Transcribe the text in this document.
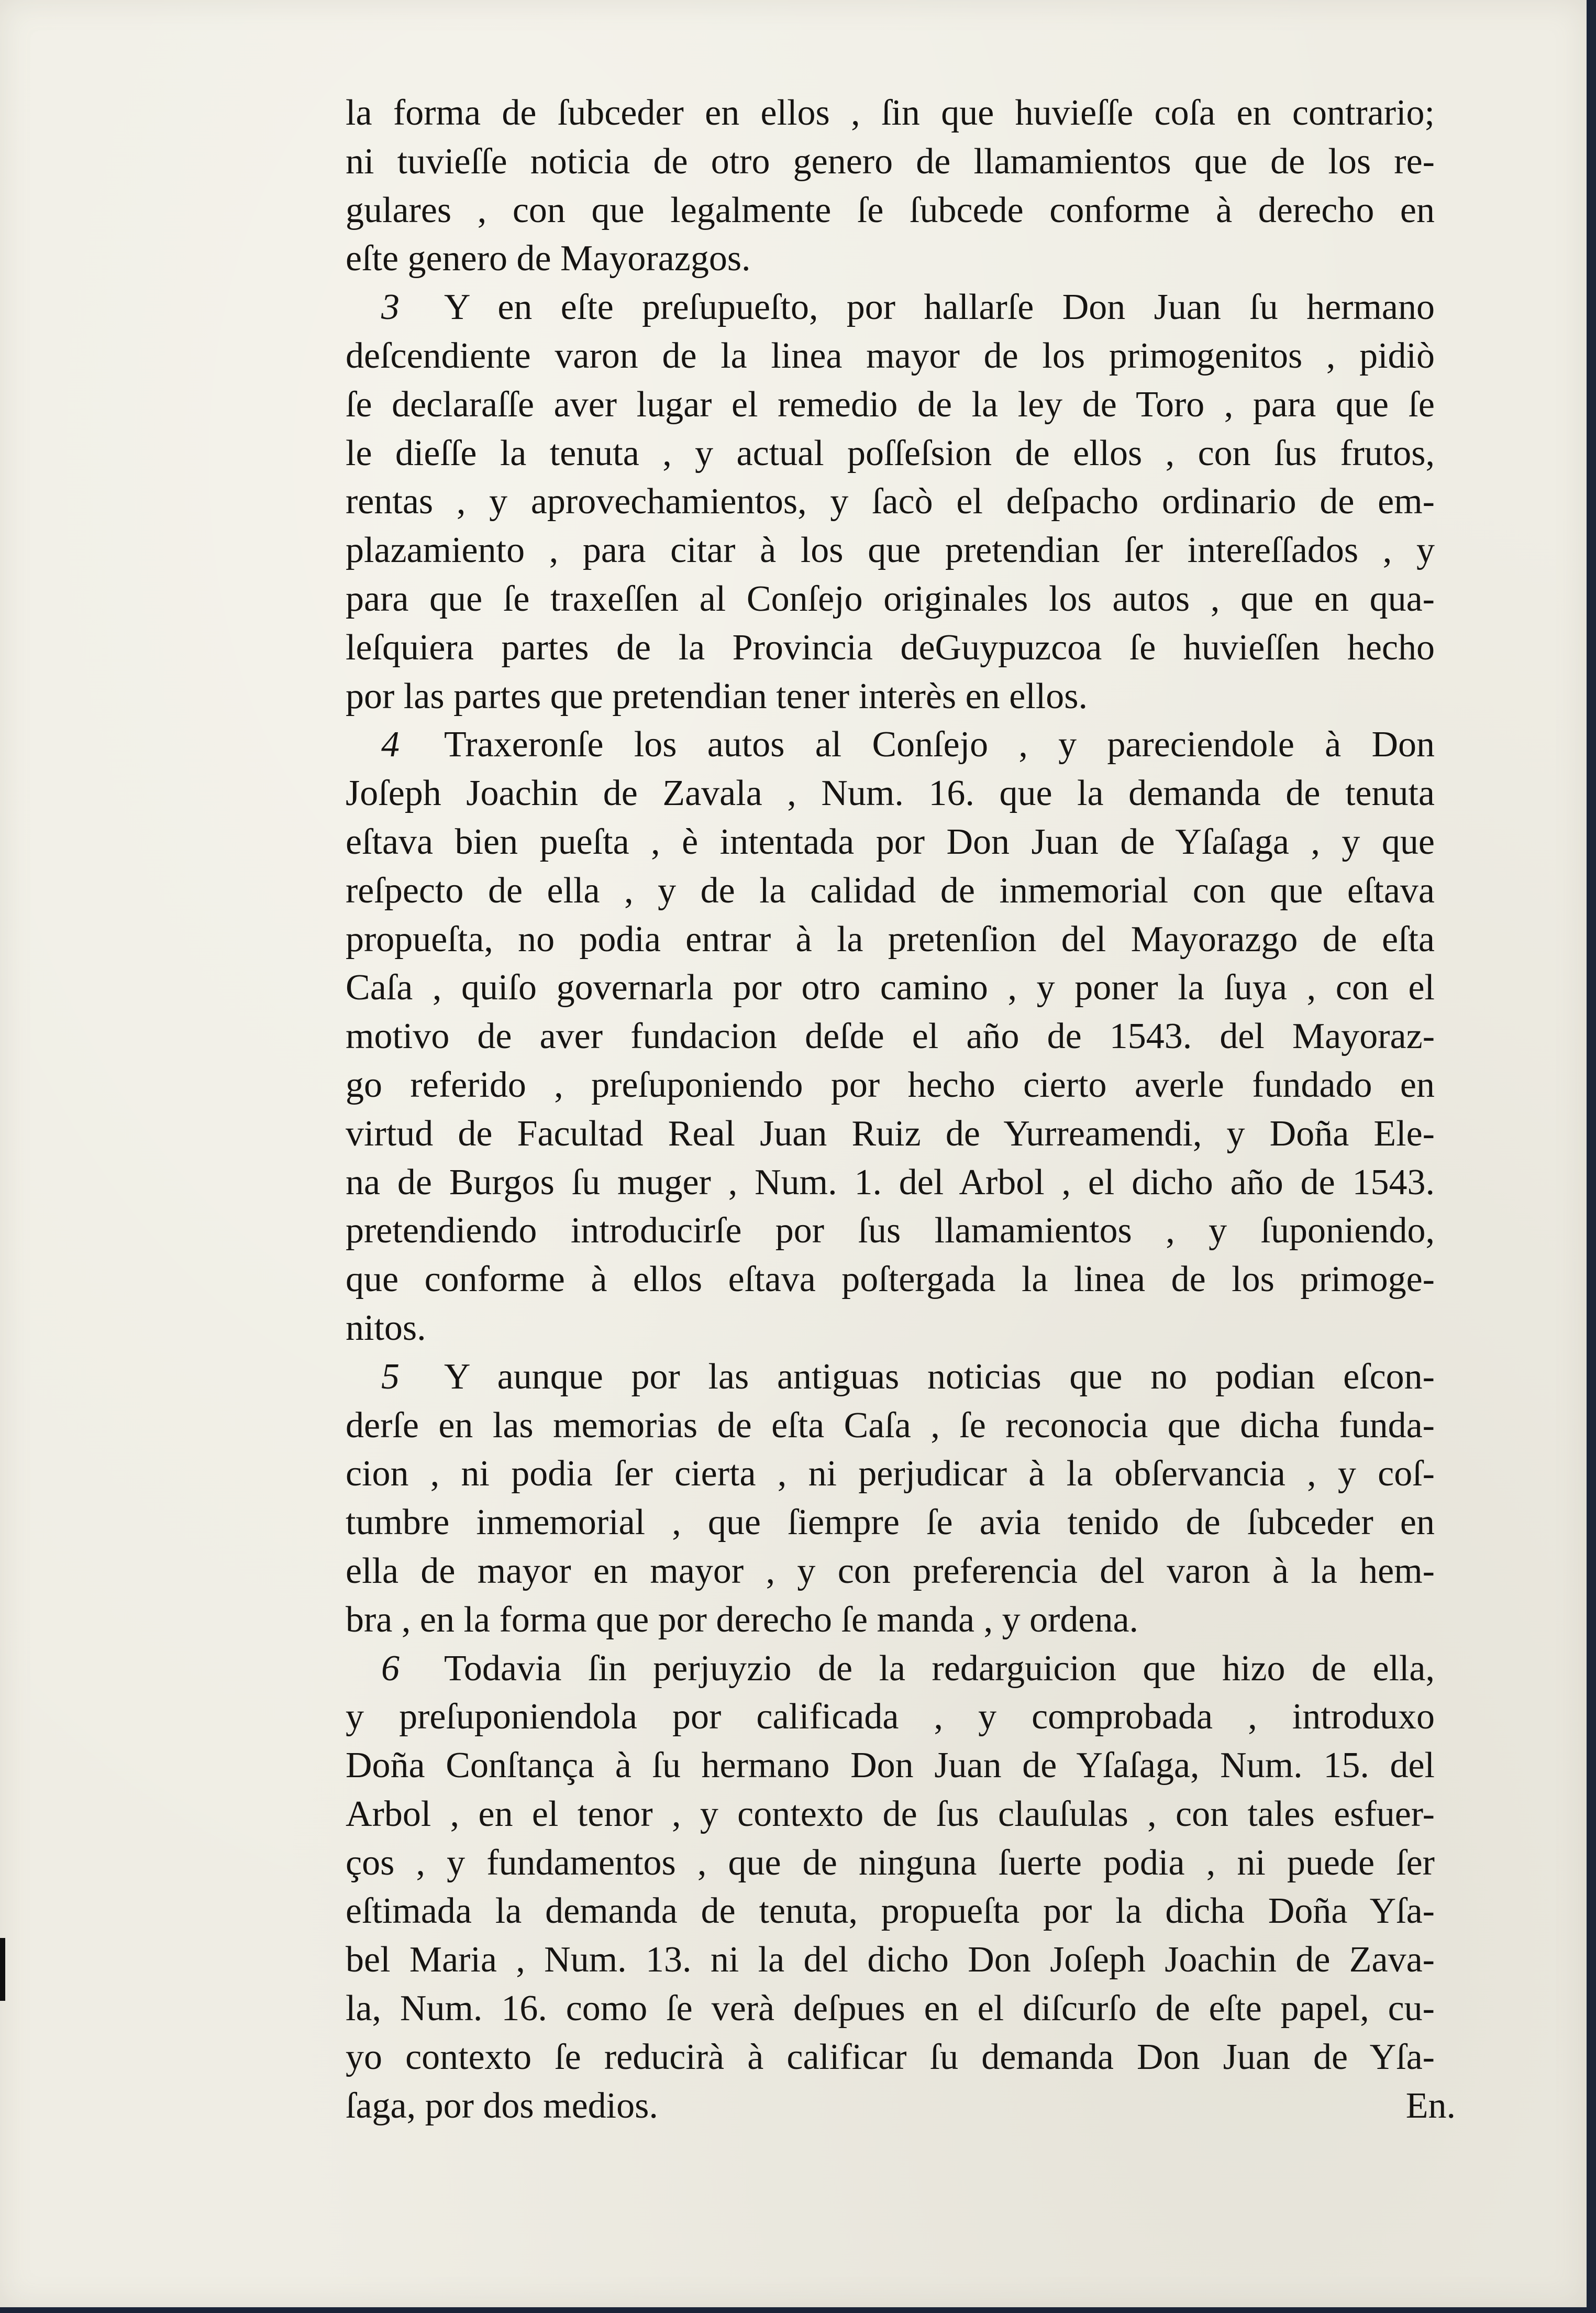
la forma de ſubceder en ellos , ſin que huvieſſe coſa en contrario;
ni tuvieſſe noticia de otro genero de llamamientos que de los re-
gulares , con que legalmente ſe ſubcede conforme à derecho en
eſte genero de Mayorazgos.
3 Y en eſte preſupueſto, por hallarſe Don Juan ſu hermano
deſcendiente varon de la linea mayor de los primogenitos , pidiò
ſe declaraſſe aver lugar el remedio de la ley de Toro , para que ſe
le dieſſe la tenuta , y actual poſſeſsion de ellos , con ſus frutos,
rentas , y aprovechamientos, y ſacò el deſpacho ordinario de em-
plazamiento , para citar à los que pretendian ſer intereſſados , y
para que ſe traxeſſen al Conſejo originales los autos , que en qua-
leſquiera partes de la Provincia deGuypuzcoa ſe huvieſſen hecho
por las partes que pretendian tener interès en ellos.
4 Traxeronſe los autos al Conſejo , y pareciendole à Don
Joſeph Joachin de Zavala , Num. 16. que la demanda de tenuta
eſtava bien pueſta , è intentada por Don Juan de Yſaſaga , y que
reſpecto de ella , y de la calidad de inmemorial con que eſtava
propueſta, no podia entrar à la pretenſion del Mayorazgo de eſta
Caſa , quiſo governarla por otro camino , y poner la ſuya , con el
motivo de aver fundacion deſde el año de 1543. del Mayoraz-
go referido , preſuponiendo por hecho cierto averle fundado en
virtud de Facultad Real Juan Ruiz de Yurreamendi, y Doña Ele-
na de Burgos ſu muger , Num. 1. del Arbol , el dicho año de 1543.
pretendiendo introducirſe por ſus llamamientos , y ſuponiendo,
que conforme à ellos eſtava poſtergada la linea de los primoge-
nitos.
5 Y aunque por las antiguas noticias que no podian eſcon-
derſe en las memorias de eſta Caſa , ſe reconocia que dicha funda-
cion , ni podia ſer cierta , ni perjudicar à la obſervancia , y coſ-
tumbre inmemorial , que ſiempre ſe avia tenido de ſubceder en
ella de mayor en mayor , y con preferencia del varon à la hem-
bra , en la forma que por derecho ſe manda , y ordena.
6 Todavia ſin perjuyzio de la redarguicion que hizo de ella,
y preſuponiendola por calificada , y comprobada , introduxo
Doña Conſtança à ſu hermano Don Juan de Yſaſaga, Num. 15. del
Arbol , en el tenor , y contexto de ſus clauſulas , con tales esfuer-
ços , y fundamentos , que de ninguna ſuerte podia , ni puede ſer
eſtimada la demanda de tenuta, propueſta por la dicha Doña Yſa-
bel Maria , Num. 13. ni la del dicho Don Joſeph Joachin de Zava-
la, Num. 16. como ſe verà deſpues en el diſcurſo de eſte papel, cu-
yo contexto ſe reducirà à calificar ſu demanda Don Juan de Yſa-
ſaga, por dos medios.	En.
